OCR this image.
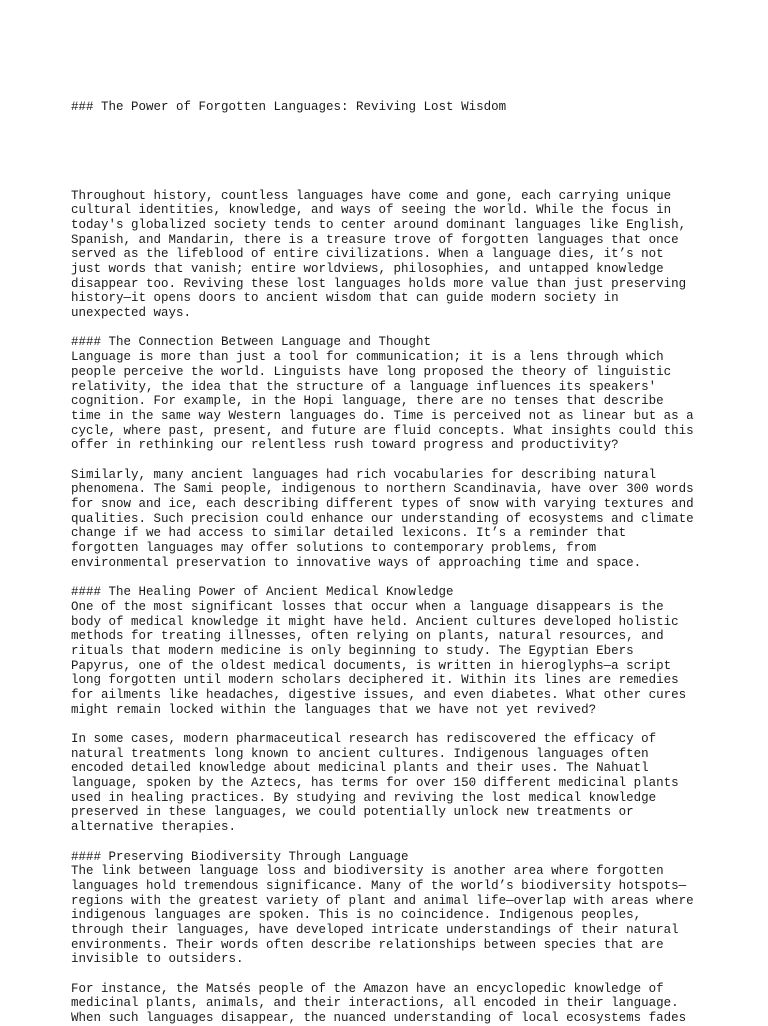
### The Power of Forgotten Languages: Reviving Lost Wisdom

Throughout history, countless languages have come and gone, each carrying unique
cultural identities, knowledge, and ways of seeing the world. While the focus in
today's globalized society tends to center around dominant languages like English,
Spanish, and Mandarin, there is a treasure trove of forgotten languages that once
served as the lifeblood of entire civilizations. When a language dies, it’s not
just words that vanish; entire worldviews, philosophies, and untapped knowledge
disappear too. Reviving these lost languages holds more value than just preserving
history—it opens doors to ancient wisdom that can guide modern society in
unexpected ways.
#### The Connection Between Language and Thought
Language is more than just a tool for communication; it is a lens through which
people perceive the world. Linguists have long proposed the theory of linguistic
relativity, the idea that the structure of a language influences its speakers'
cognition. For example, in the Hopi language, there are no tenses that describe
time in the same way Western languages do. Time is perceived not as linear but as a
cycle, where past, present, and future are fluid concepts. What insights could this
offer in rethinking our relentless rush toward progress and productivity?
Similarly, many ancient languages had rich vocabularies for describing natural
phenomena. The Sami people, indigenous to northern Scandinavia, have over 300 words
for snow and ice, each describing different types of snow with varying textures and
qualities. Such precision could enhance our understanding of ecosystems and climate
change if we had access to similar detailed lexicons. It’s a reminder that
forgotten languages may offer solutions to contemporary problems, from
environmental preservation to innovative ways of approaching time and space.
#### The Healing Power of Ancient Medical Knowledge
One of the most significant losses that occur when a language disappears is the
body of medical knowledge it might have held. Ancient cultures developed holistic
methods for treating illnesses, often relying on plants, natural resources, and
rituals that modern medicine is only beginning to study. The Egyptian Ebers
Papyrus, one of the oldest medical documents, is written in hieroglyphs—a script
long forgotten until modern scholars deciphered it. Within its lines are remedies
for ailments like headaches, digestive issues, and even diabetes. What other cures
might remain locked within the languages that we have not yet revived?
In some cases, modern pharmaceutical research has rediscovered the efficacy of
natural treatments long known to ancient cultures. Indigenous languages often
encoded detailed knowledge about medicinal plants and their uses. The Nahuatl
language, spoken by the Aztecs, has terms for over 150 different medicinal plants
used in healing practices. By studying and reviving the lost medical knowledge
preserved in these languages, we could potentially unlock new treatments or
alternative therapies.
#### Preserving Biodiversity Through Language
The link between language loss and biodiversity is another area where forgotten
languages hold tremendous significance. Many of the world’s biodiversity hotspots—
regions with the greatest variety of plant and animal life—overlap with areas where
indigenous languages are spoken. This is no coincidence. Indigenous peoples,
through their languages, have developed intricate understandings of their natural
environments. Their words often describe relationships between species that are
invisible to outsiders.
For instance, the Matsés people of the Amazon have an encyclopedic knowledge of
medicinal plants, animals, and their interactions, all encoded in their language.
When such languages disappear, the nuanced understanding of local ecosystems fades
